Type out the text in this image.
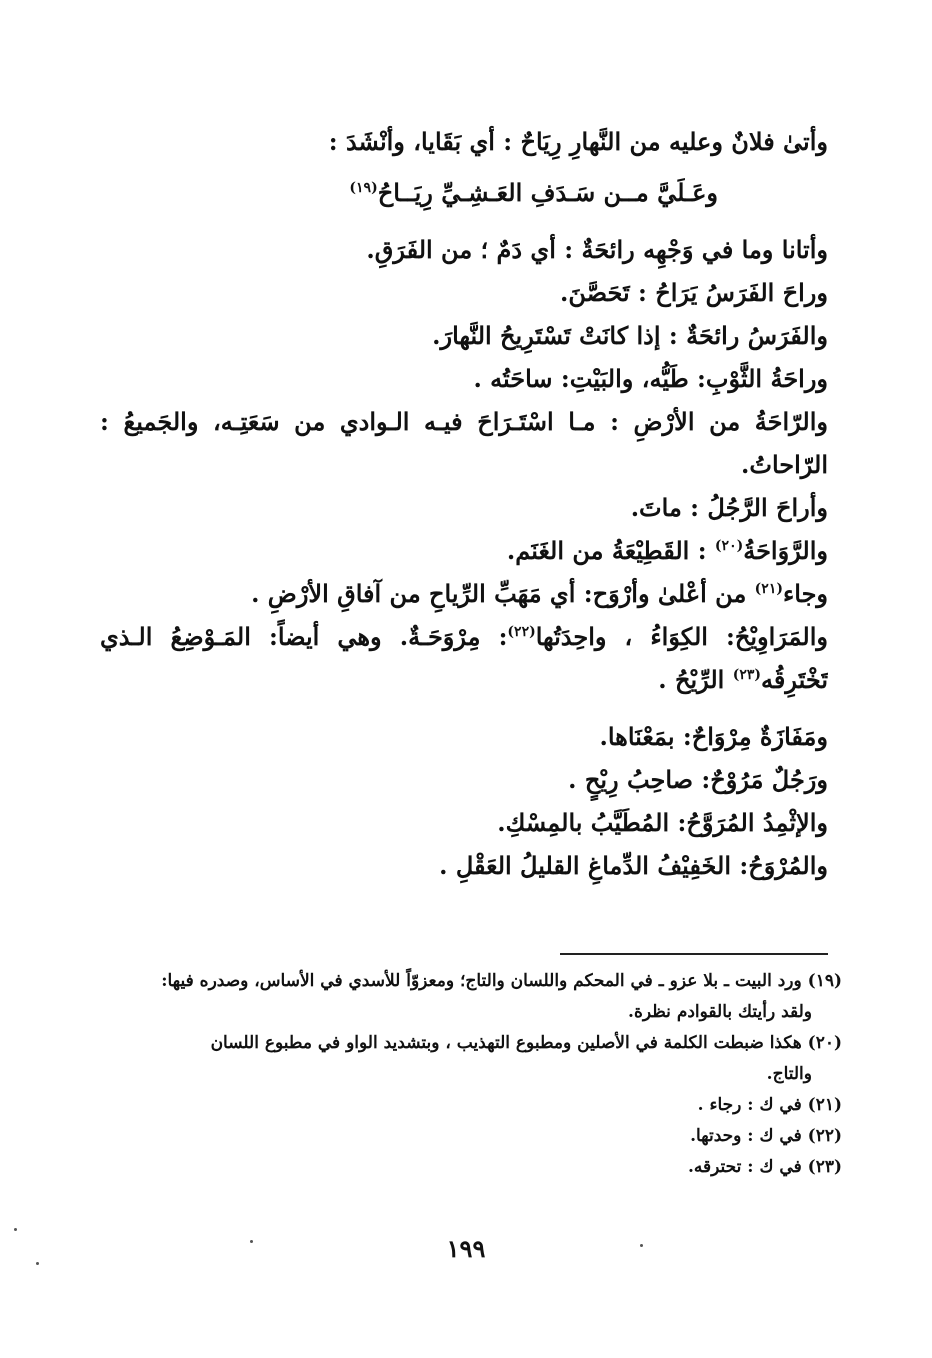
وأتىٰ فلانٌ وعليه من النَّهارِ رِيَاحٌ : أي بَقَايا، وأنْشَدَ :

وعَـلَيَّ مــن سَـدَفِ العَـشِـيِّ رِيَــاحُ$^{(١٩)}$

وأتانا وما في وَجْهِه رائحَةٌ : أي دَمٌ ؛ من الفَرَقِ.

وراحَ الفَرَسُ يَرَاحُ : تَحَصَّنَ.

والفَرَسُ رائحَةٌ : إذا كانَتْ تَسْتَرِيحُ النَّهارَ.

وراحَةُ الثَّوْبِ: طَيُّه، والبَيْتِ: ساحَتُه .

والرّاحَةُ من الأرْضِ : مـا اسْتَـرَاحَ فيـه الـوادي من سَعَتِـه، والجَميعُ : الرّاحاتُ.

وأراحَ الرَّجُلُ : ماتَ.

والرَّوَاحَةُ$^{(٢٠)}$ : القَطِيْعَةُ من الغَنَم.

وجاء$^{(٢١)}$ من أعْلىٰ وأرْوَح: أي مَهَبِّ الرِّياحِ من آفاقِ الأرْضِ .

والمَرَاوِيْحُ: الكِوَاءُ ، واحِدَتُها$^{(٢٢)}$: مِرْوَحَـةٌ. وهي أيضاً: المَـوْضِعُ الـذي تَخْتَرِقُه$^{(٢٣)}$ الرِّيْحُ .

ومَفَازَةٌ مِرْوَاحٌ: بمَعْنَاها.

ورَجُلٌ مَرُوْحٌ: صاحِبُ رِيْحٍ .

والإثْمِدُ المُرَوَّحُ: المُطَيَّبُ بالمِسْكِ.

والمُرْوَحُ: الخَفِيْفُ الدِّماغِ القليلُ العَقْلِ .

(١٩) ورد البيت ـ بلا عزو ـ في المحكم واللسان والتاج؛ ومعزوّاً للأسدي في الأساس، وصدره فيها:
ولقد رأيتك بالقوادم نظرة.

(٢٠) هكذا ضبطت الكلمة في الأصلين ومطبوع التهذيب ، وبتشديد الواو في مطبوع اللسان
والتاج.

(٢١) في ك : رجاء .

(٢٢) في ك : وحدتها.

(٢٣) في ك : تحترقه.

١٩٩
